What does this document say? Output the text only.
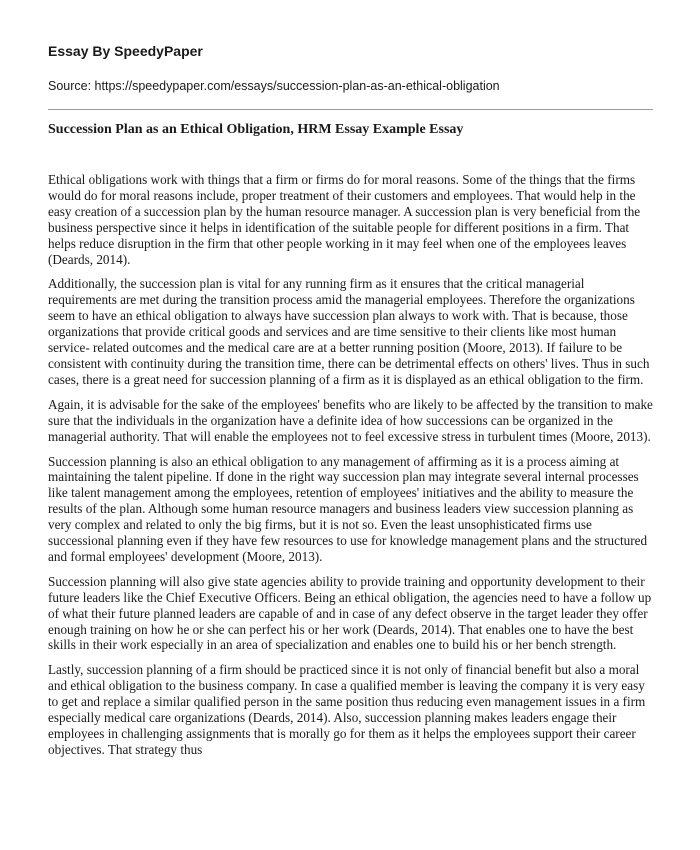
Essay By SpeedyPaper
Source: https://speedypaper.com/essays/succession-plan-as-an-ethical-obligation
Succession Plan as an Ethical Obligation, HRM Essay Example Essay

Ethical obligations work with things that a firm or firms do for moral reasons. Some of the things that the firms would do for moral reasons include, proper treatment of their customers and employees. That would help in the easy creation of a succession plan by the human resource manager. A succession plan is very beneficial from the business perspective since it helps in identification of the suitable people for different positions in a firm. That helps reduce disruption in the firm that other people working in it may feel when one of the employees leaves (Deards, 2014).

Additionally, the succession plan is vital for any running firm as it ensures that the critical managerial requirements are met during the transition process amid the managerial employees. Therefore the organizations seem to have an ethical obligation to always have succession plan always to work with. That is because, those organizations that provide critical goods and services and are time sensitive to their clients like most human service- related outcomes and the medical care are at a better running position (Moore, 2013). If failure to be consistent with continuity during the transition time, there can be detrimental effects on others' lives. Thus in such cases, there is a great need for succession planning of a firm as it is displayed as an ethical obligation to the firm.

Again, it is advisable for the sake of the employees' benefits who are likely to be affected by the transition to make sure that the individuals in the organization have a definite idea of how successions can be organized in the managerial authority. That will enable the employees not to feel excessive stress in turbulent times (Moore, 2013).

Succession planning is also an ethical obligation to any management of affirming as it is a process aiming at maintaining the talent pipeline. If done in the right way succession plan may integrate several internal processes like talent management among the employees, retention of employees' initiatives and the ability to measure the results of the plan. Although some human resource managers and business leaders view succession planning as very complex and related to only the big firms, but it is not so. Even the least unsophisticated firms use successional planning even if they have few resources to use for knowledge management plans and the structured and formal employees' development (Moore, 2013).

Succession planning will also give state agencies ability to provide training and opportunity development to their future leaders like the Chief Executive Officers. Being an ethical obligation, the agencies need to have a follow up of what their future planned leaders are capable of and in case of any defect observe in the target leader they offer enough training on how he or she can perfect his or her work (Deards, 2014). That enables one to have the best skills in their work especially in an area of specialization and enables one to build his or her bench strength.

Lastly, succession planning of a firm should be practiced since it is not only of financial benefit but also a moral and ethical obligation to the business company. In case a qualified member is leaving the company it is very easy to get and replace a similar qualified person in the same position thus reducing even management issues in a firm especially medical care organizations (Deards, 2014). Also, succession planning makes leaders engage their employees in challenging assignments that is morally go for them as it helps the employees support their career objectives. That strategy thus
